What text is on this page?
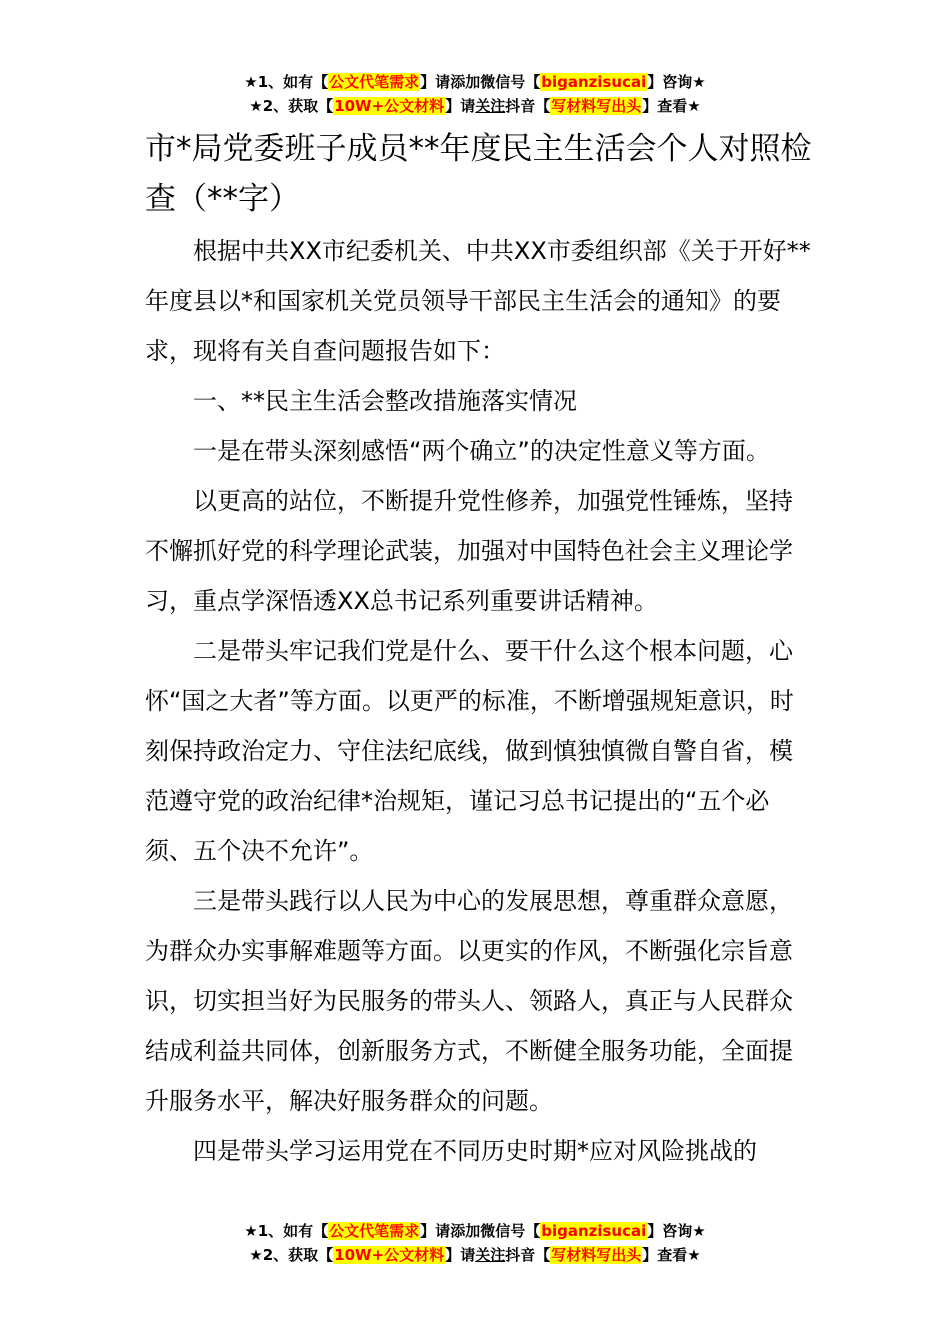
★1、如有【公文代笔需求】请添加微信号【biganzisucai】咨询★
★2、获取【10W+公文材料】请关注抖音【写材料写出头】查看★
市*局党委班子成员**年度民主生活会个人对照检查（**字）

根据中共XX市纪委机关、中共XX市委组织部《关于开好**年度县以*和国家机关党员领导干部民主生活会的通知》的要求，现将有关自查问题报告如下：

一、**民主生活会整改措施落实情况

一是在带头深刻感悟“两个确立”的决定性意义等方面。

以更高的站位，不断提升党性修养，加强党性锤炼，坚持不懈抓好党的科学理论武装，加强对中国特色社会主义理论学习，重点学深悟透XX总书记系列重要讲话精神。

二是带头牢记我们党是什么、要干什么这个根本问题，心怀“国之大者”等方面。以更严的标准，不断增强规矩意识，时刻保持政治定力、守住法纪底线，做到慎独慎微自警自省，模范遵守党的政治纪律*治规矩，谨记习总书记提出的“五个必须、五个决不允许”。

三是带头践行以人民为中心的发展思想，尊重群众意愿，为群众办实事解难题等方面。以更实的作风，不断强化宗旨意识，切实担当好为民服务的带头人、领路人，真正与人民群众结成利益共同体，创新服务方式，不断健全服务功能，全面提升服务水平，解决好服务群众的问题。

四是带头学习运用党在不同历史时期*应对风险挑战的

★1、如有【公文代笔需求】请添加微信号【biganzisucai】咨询★
★2、获取【10W+公文材料】请关注抖音【写材料写出头】查看★
